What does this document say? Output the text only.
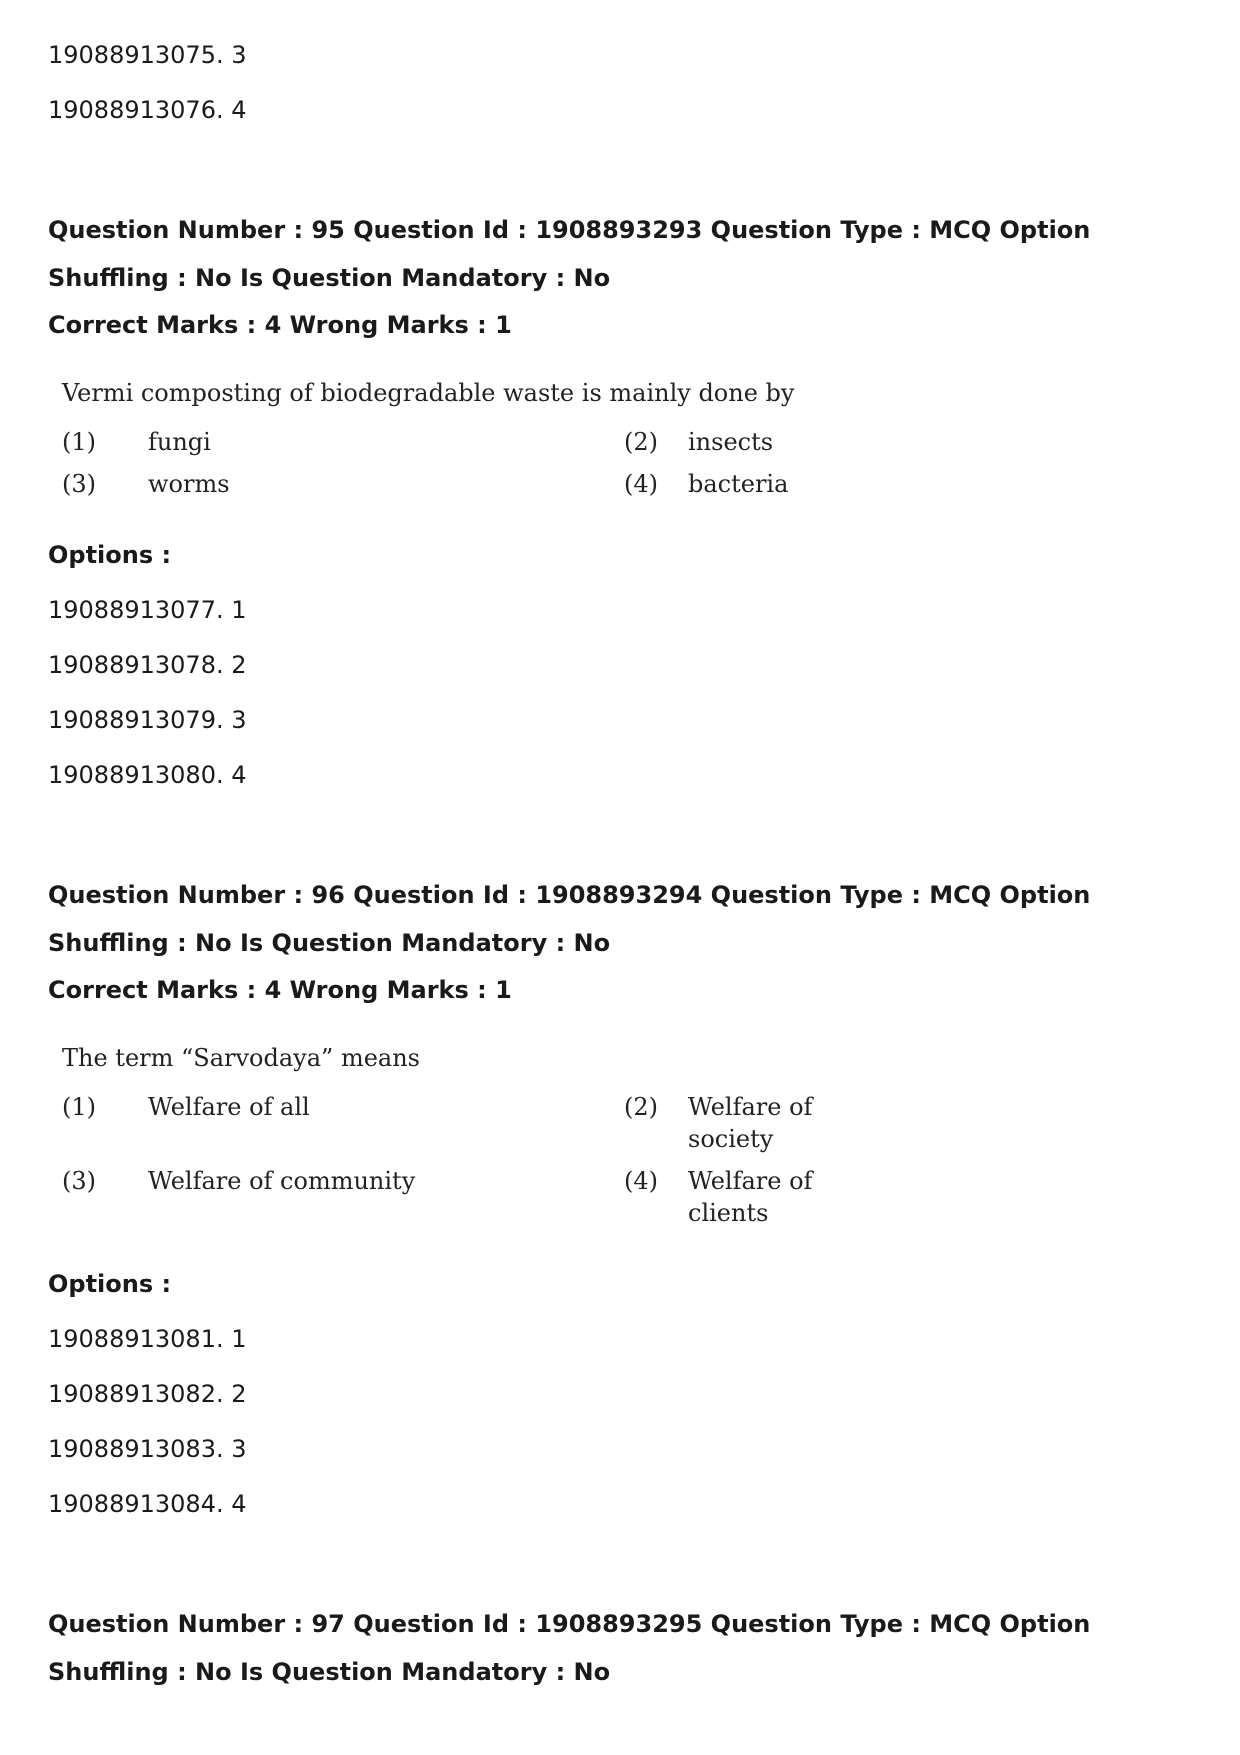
19088913075. 3
19088913076. 4
Question Number : 95 Question Id : 1908893293 Question Type : MCQ Option Shuffling : No Is Question Mandatory : No
Correct Marks : 4 Wrong Marks : 1
Vermi composting of biodegradable waste is mainly done by
(1)	fungi	(2)	insects
(3)	worms	(4)	bacteria
Options :
19088913077. 1
19088913078. 2
19088913079. 3
19088913080. 4
Question Number : 96 Question Id : 1908893294 Question Type : MCQ Option Shuffling : No Is Question Mandatory : No
Correct Marks : 4 Wrong Marks : 1
The term “Sarvodaya” means
(1)	Welfare of all	(2)	Welfare of society
(3)	Welfare of community	(4)	Welfare of clients
Options :
19088913081. 1
19088913082. 2
19088913083. 3
19088913084. 4
Question Number : 97 Question Id : 1908893295 Question Type : MCQ Option Shuffling : No Is Question Mandatory : No
